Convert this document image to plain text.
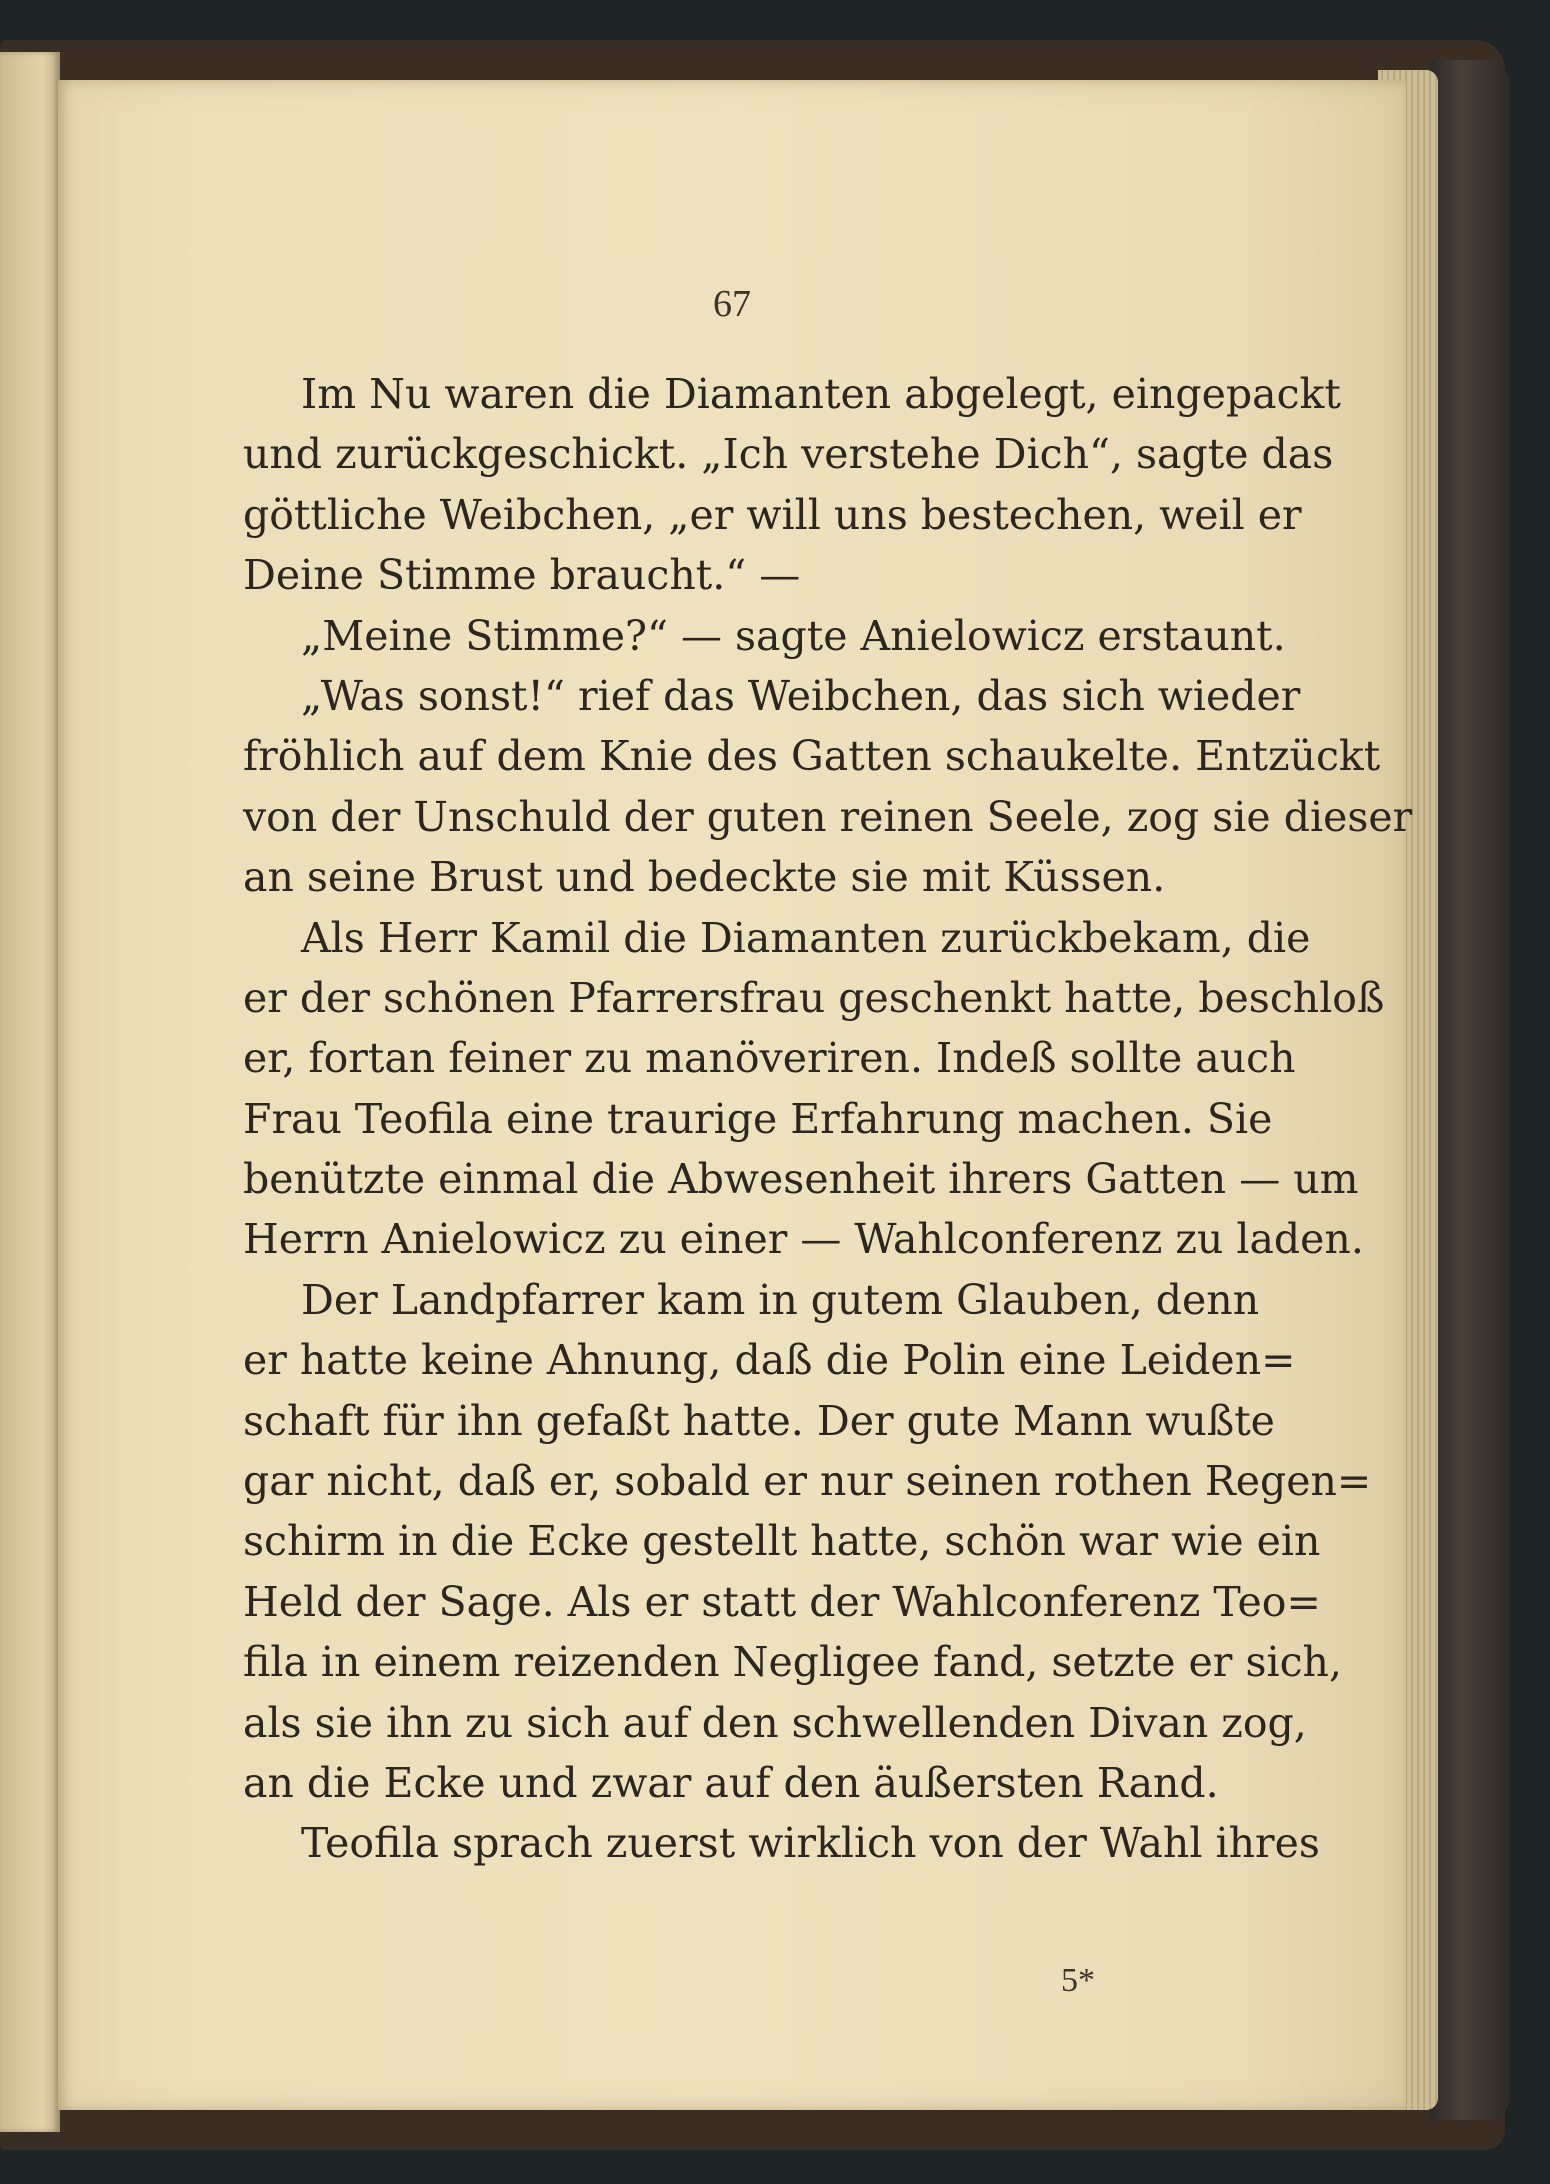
67
Im Nu waren die Diamanten abgelegt, eingepackt
und zurückgeschickt. „Ich verstehe Dich“, sagte das
göttliche Weibchen, „er will uns bestechen, weil er
Deine Stimme braucht.“ —
„Meine Stimme?“ — sagte Anielowicz erstaunt.
„Was sonst!“ rief das Weibchen, das sich wieder
fröhlich auf dem Knie des Gatten schaukelte. Entzückt
von der Unschuld der guten reinen Seele, zog sie dieser
an seine Brust und bedeckte sie mit Küssen.
Als Herr Kamil die Diamanten zurückbekam, die
er der schönen Pfarrersfrau geschenkt hatte, beschloß
er, fortan feiner zu manöveriren. Indeß sollte auch
Frau Teofila eine traurige Erfahrung machen. Sie
benützte einmal die Abwesenheit ihrers Gatten — um
Herrn Anielowicz zu einer — Wahlconferenz zu laden.
Der Landpfarrer kam in gutem Glauben, denn
er hatte keine Ahnung, daß die Polin eine Leiden=
schaft für ihn gefaßt hatte. Der gute Mann wußte
gar nicht, daß er, sobald er nur seinen rothen Regen=
schirm in die Ecke gestellt hatte, schön war wie ein
Held der Sage. Als er statt der Wahlconferenz Teo=
fila in einem reizenden Negligee fand, setzte er sich,
als sie ihn zu sich auf den schwellenden Divan zog,
an die Ecke und zwar auf den äußersten Rand.
Teofila sprach zuerst wirklich von der Wahl ihres
5*
